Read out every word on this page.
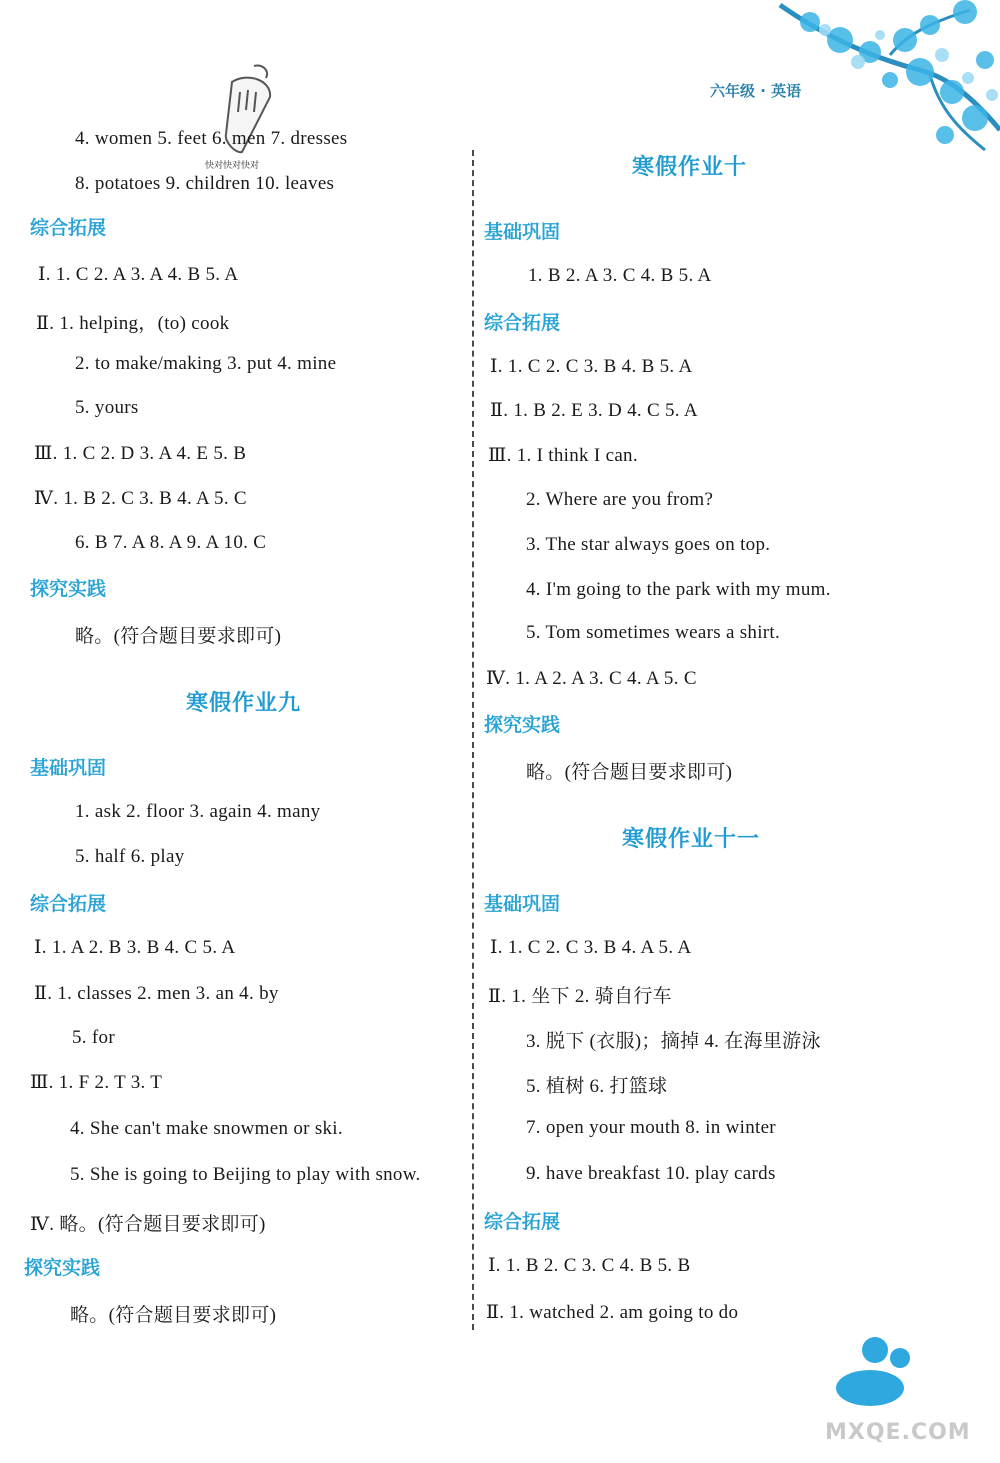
六年级 · 英语
快对快对快对
4. women 5. feet 6. men 7. dresses
8. potatoes 9. children 10. leaves
综合拓展
Ⅰ. 1. C 2. A 3. A 4. B 5. A
Ⅱ. 1. helping，(to) cook
2. to make/making 3. put 4. mine
5. yours
Ⅲ. 1. C 2. D 3. A 4. E 5. B
Ⅳ. 1. B 2. C 3. B 4. A 5. C
6. B 7. A 8. A 9. A 10. C
探究实践
略。(符合题目要求即可)
寒假作业九
基础巩固
1. ask 2. floor 3. again 4. many
5. half 6. play
综合拓展
Ⅰ. 1. A 2. B 3. B 4. C 5. A
Ⅱ. 1. classes 2. men 3. an 4. by
5. for
Ⅲ. 1. F 2. T 3. T
4. She can't make snowmen or ski.
5. She is going to Beijing to play with snow.
Ⅳ. 略。(符合题目要求即可)
探究实践
略。(符合题目要求即可)
寒假作业十
基础巩固
1. B 2. A 3. C 4. B 5. A
综合拓展
Ⅰ. 1. C 2. C 3. B 4. B 5. A
Ⅱ. 1. B 2. E 3. D 4. C 5. A
Ⅲ. 1. I think I can.
2. Where are you from?
3. The star always goes on top.
4. I'm going to the park with my mum.
5. Tom sometimes wears a shirt.
Ⅳ. 1. A 2. A 3. C 4. A 5. C
探究实践
略。(符合题目要求即可)
寒假作业十一
基础巩固
Ⅰ. 1. C 2. C 3. B 4. A 5. A
Ⅱ. 1. 坐下 2. 骑自行车
3. 脱下 (衣服)；摘掉 4. 在海里游泳
5. 植树 6. 打篮球
7. open your mouth 8. in winter
9. have breakfast 10. play cards
综合拓展
Ⅰ. 1. B 2. C 3. C 4. B 5. B
Ⅱ. 1. watched 2. am going to do
MXQE.COM
